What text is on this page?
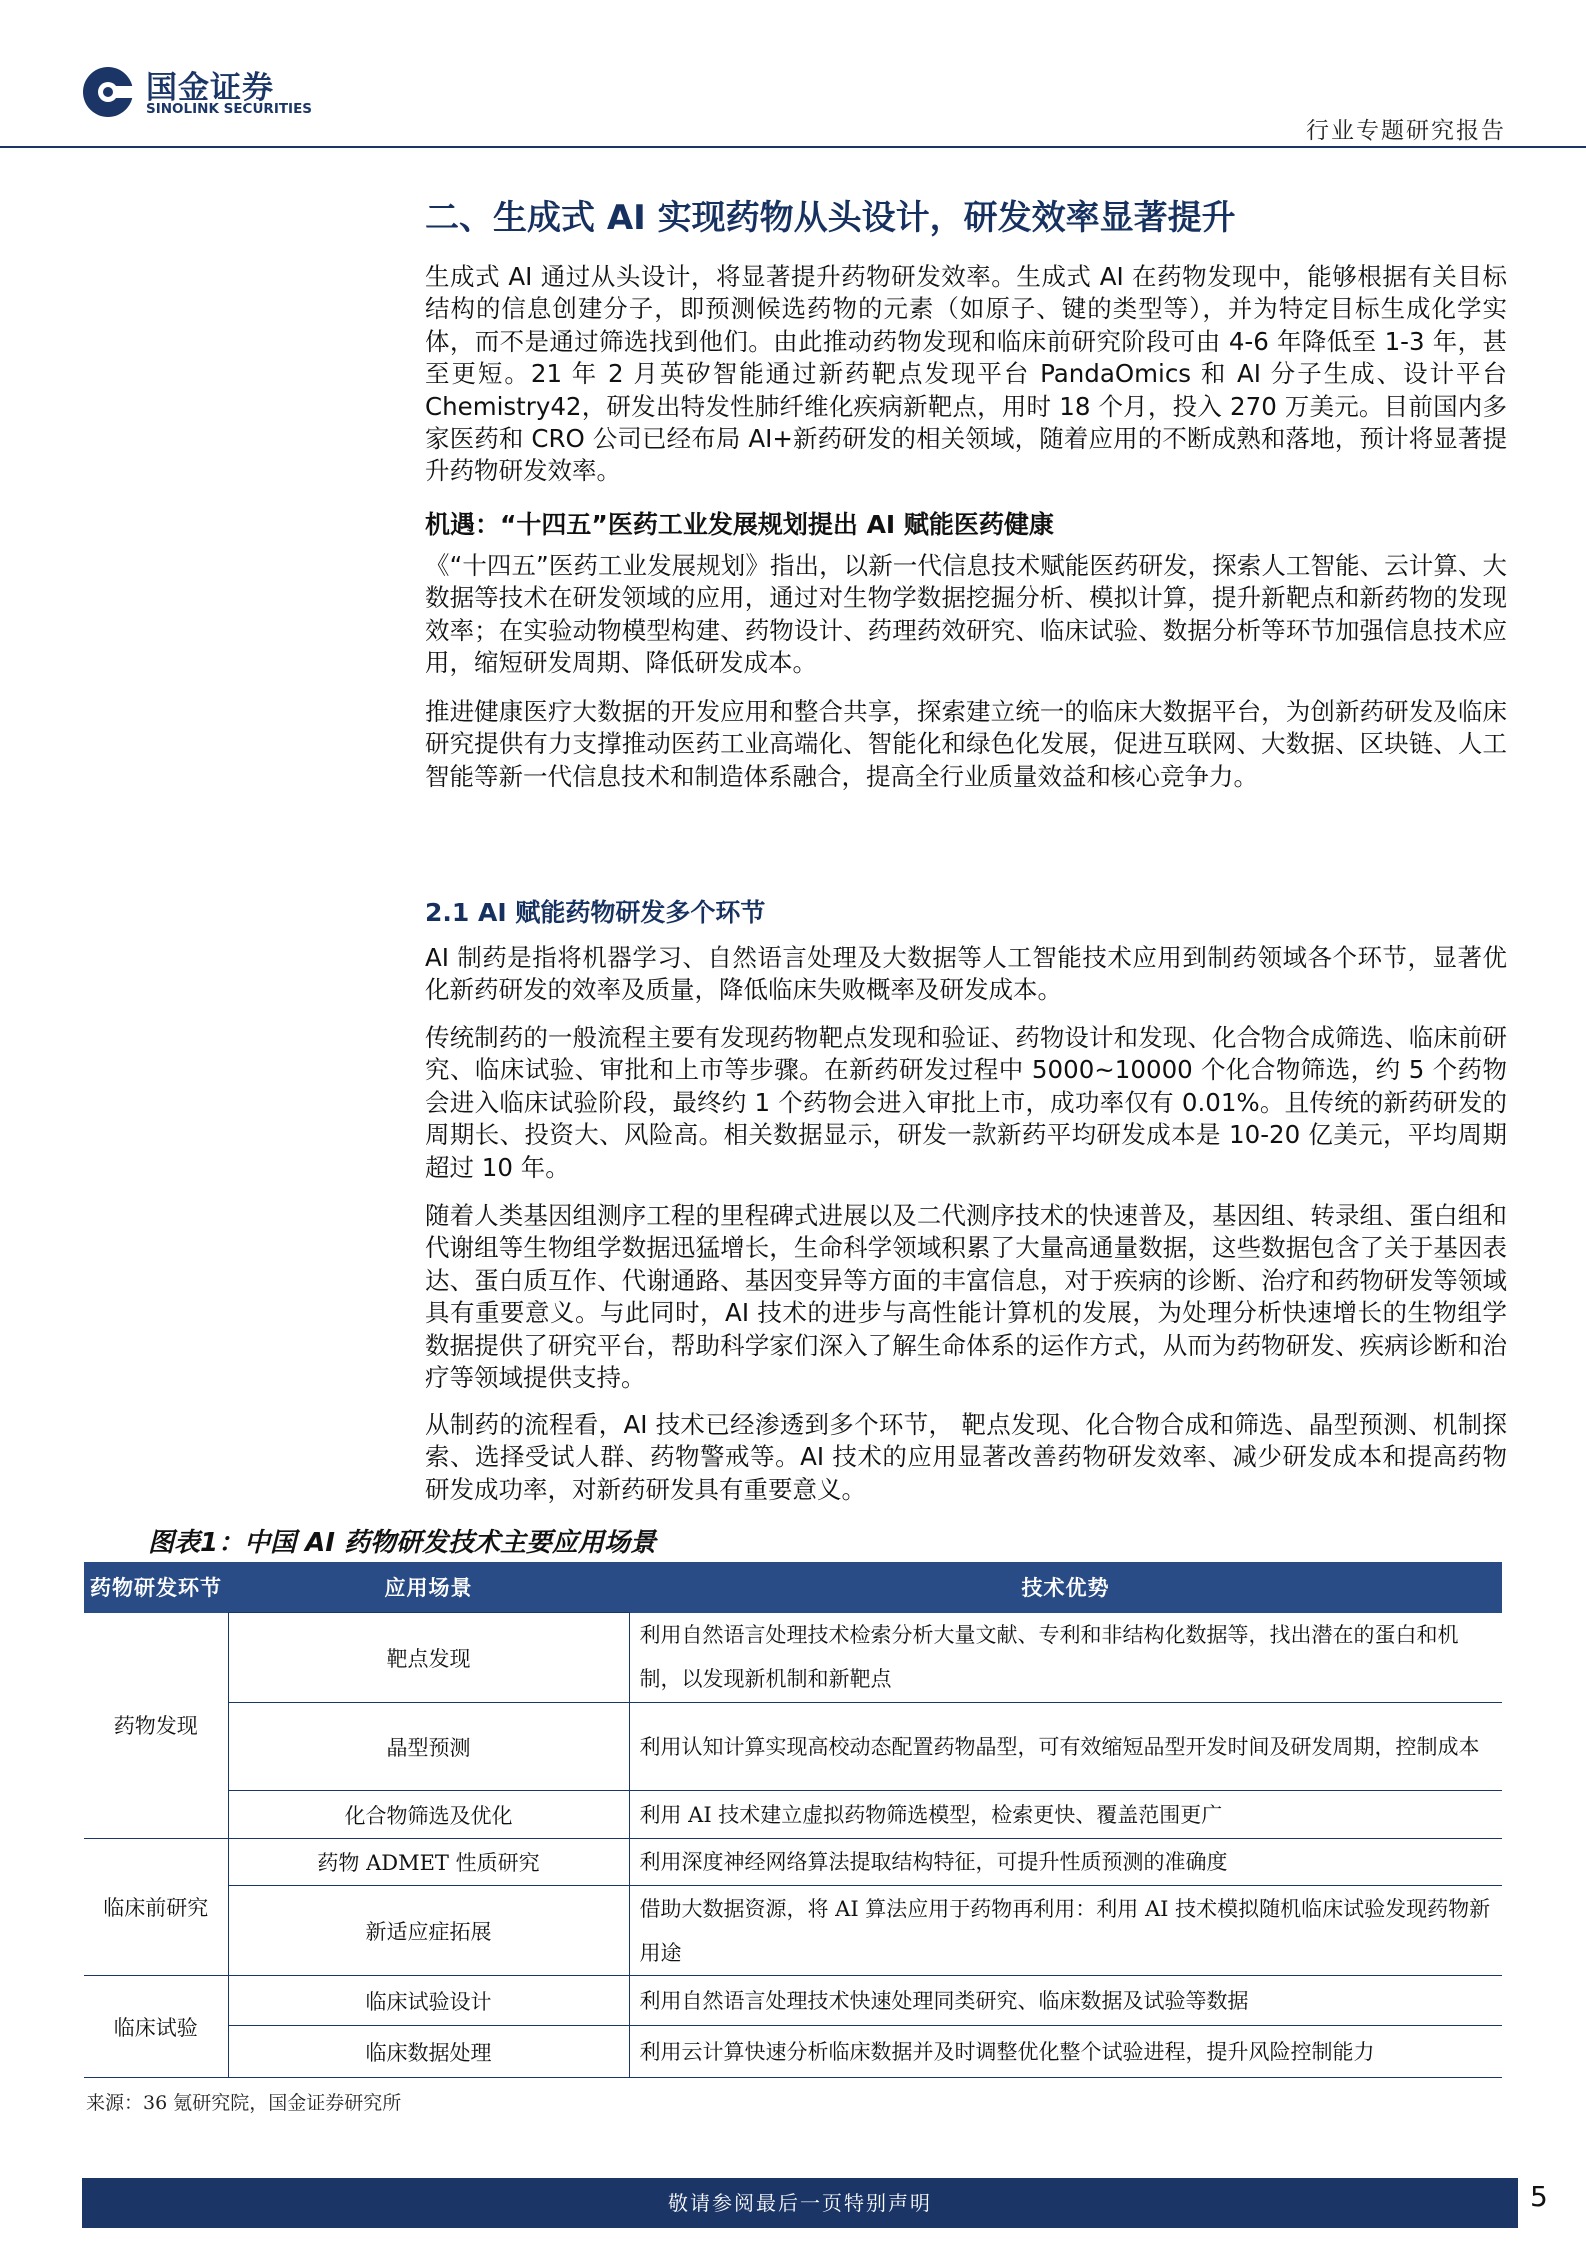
国金证券
SINOLINK SECURITIES
行业专题研究报告
二、生成式 AI 实现药物从头设计，研发效率显著提升

生成式 AI 通过从头设计，将显著提升药物研发效率。生成式 AI 在药物发现中，能够根据有关目标结构的信息创建分子，即预测候选药物的元素（如原子、键的类型等），并为特定目标生成化学实体，而不是通过筛选找到他们。由此推动药物发现和临床前研究阶段可由 4-6 年降低至 1-3 年，甚至更短。21 年 2 月英矽智能通过新药靶点发现平台 PandaOmics 和 AI 分子生成、设计平台 Chemistry42，研发出特发性肺纤维化疾病新靶点，用时 18 个月，投入 270 万美元。目前国内多家医药和 CRO 公司已经布局 AI+新药研发的相关领域，随着应用的不断成熟和落地，预计将显著提升药物研发效率。

机遇：“十四五”医药工业发展规划提出 AI 赋能医药健康

《“十四五”医药工业发展规划》指出，以新一代信息技术赋能医药研发，探索人工智能、云计算、大数据等技术在研发领域的应用，通过对生物学数据挖掘分析、模拟计算，提升新靶点和新药物的发现效率；在实验动物模型构建、药物设计、药理药效研究、临床试验、数据分析等环节加强信息技术应用，缩短研发周期、降低研发成本。

推进健康医疗大数据的开发应用和整合共享，探索建立统一的临床大数据平台，为创新药研发及临床研究提供有力支撑推动医药工业高端化、智能化和绿色化发展，促进互联网、大数据、区块链、人工智能等新一代信息技术和制造体系融合，提高全行业质量效益和核心竞争力。

2.1 AI 赋能药物研发多个环节

AI 制药是指将机器学习、自然语言处理及大数据等人工智能技术应用到制药领域各个环节，显著优化新药研发的效率及质量，降低临床失败概率及研发成本。

传统制药的一般流程主要有发现药物靶点发现和验证、药物设计和发现、化合物合成筛选、临床前研究、临床试验、审批和上市等步骤。在新药研发过程中 5000~10000 个化合物筛选，约 5 个药物会进入临床试验阶段，最终约 1 个药物会进入审批上市，成功率仅有 0.01%。且传统的新药研发的周期长、投资大、风险高。相关数据显示，研发一款新药平均研发成本是 10-20 亿美元，平均周期超过 10 年。

随着人类基因组测序工程的里程碑式进展以及二代测序技术的快速普及，基因组、转录组、蛋白组和代谢组等生物组学数据迅猛增长，生命科学领域积累了大量高通量数据，这些数据包含了关于基因表达、蛋白质互作、代谢通路、基因变异等方面的丰富信息，对于疾病的诊断、治疗和药物研发等领域具有重要意义。与此同时，AI 技术的进步与高性能计算机的发展，为处理分析快速增长的生物组学数据提供了研究平台，帮助科学家们深入了解生命体系的运作方式，从而为药物研发、疾病诊断和治疗等领域提供支持。

从制药的流程看，AI 技术已经渗透到多个环节， 靶点发现、化合物合成和筛选、晶型预测、机制探索、选择受试人群、药物警戒等。AI 技术的应用显著改善药物研发效率、减少研发成本和提高药物研发成功率，对新药研发具有重要意义。

图表1：中国 AI 药物研发技术主要应用场景
药物研发环节	应用场景	技术优势
药物发现	靶点发现	利用自然语言处理技术检索分析大量文献、专利和非结构化数据等，找出潜在的蛋白和机制，以发现新机制和新靶点
	晶型预测	利用认知计算实现高校动态配置药物晶型，可有效缩短品型开发时间及研发周期，控制成本
	化合物筛选及优化	利用 AI 技术建立虚拟药物筛选模型，检索更快、覆盖范围更广
临床前研究	药物 ADMET 性质研究	利用深度神经网络算法提取结构特征，可提升性质预测的准确度
	新适应症拓展	借助大数据资源，将 AI 算法应用于药物再利用：利用 AI 技术模拟随机临床试验发现药物新用途
临床试验	临床试验设计	利用自然语言处理技术快速处理同类研究、临床数据及试验等数据
	临床数据处理	利用云计算快速分析临床数据并及时调整优化整个试验进程，提升风险控制能力
来源：36 氪研究院，国金证券研究所
敬请参阅最后一页特别声明	5
